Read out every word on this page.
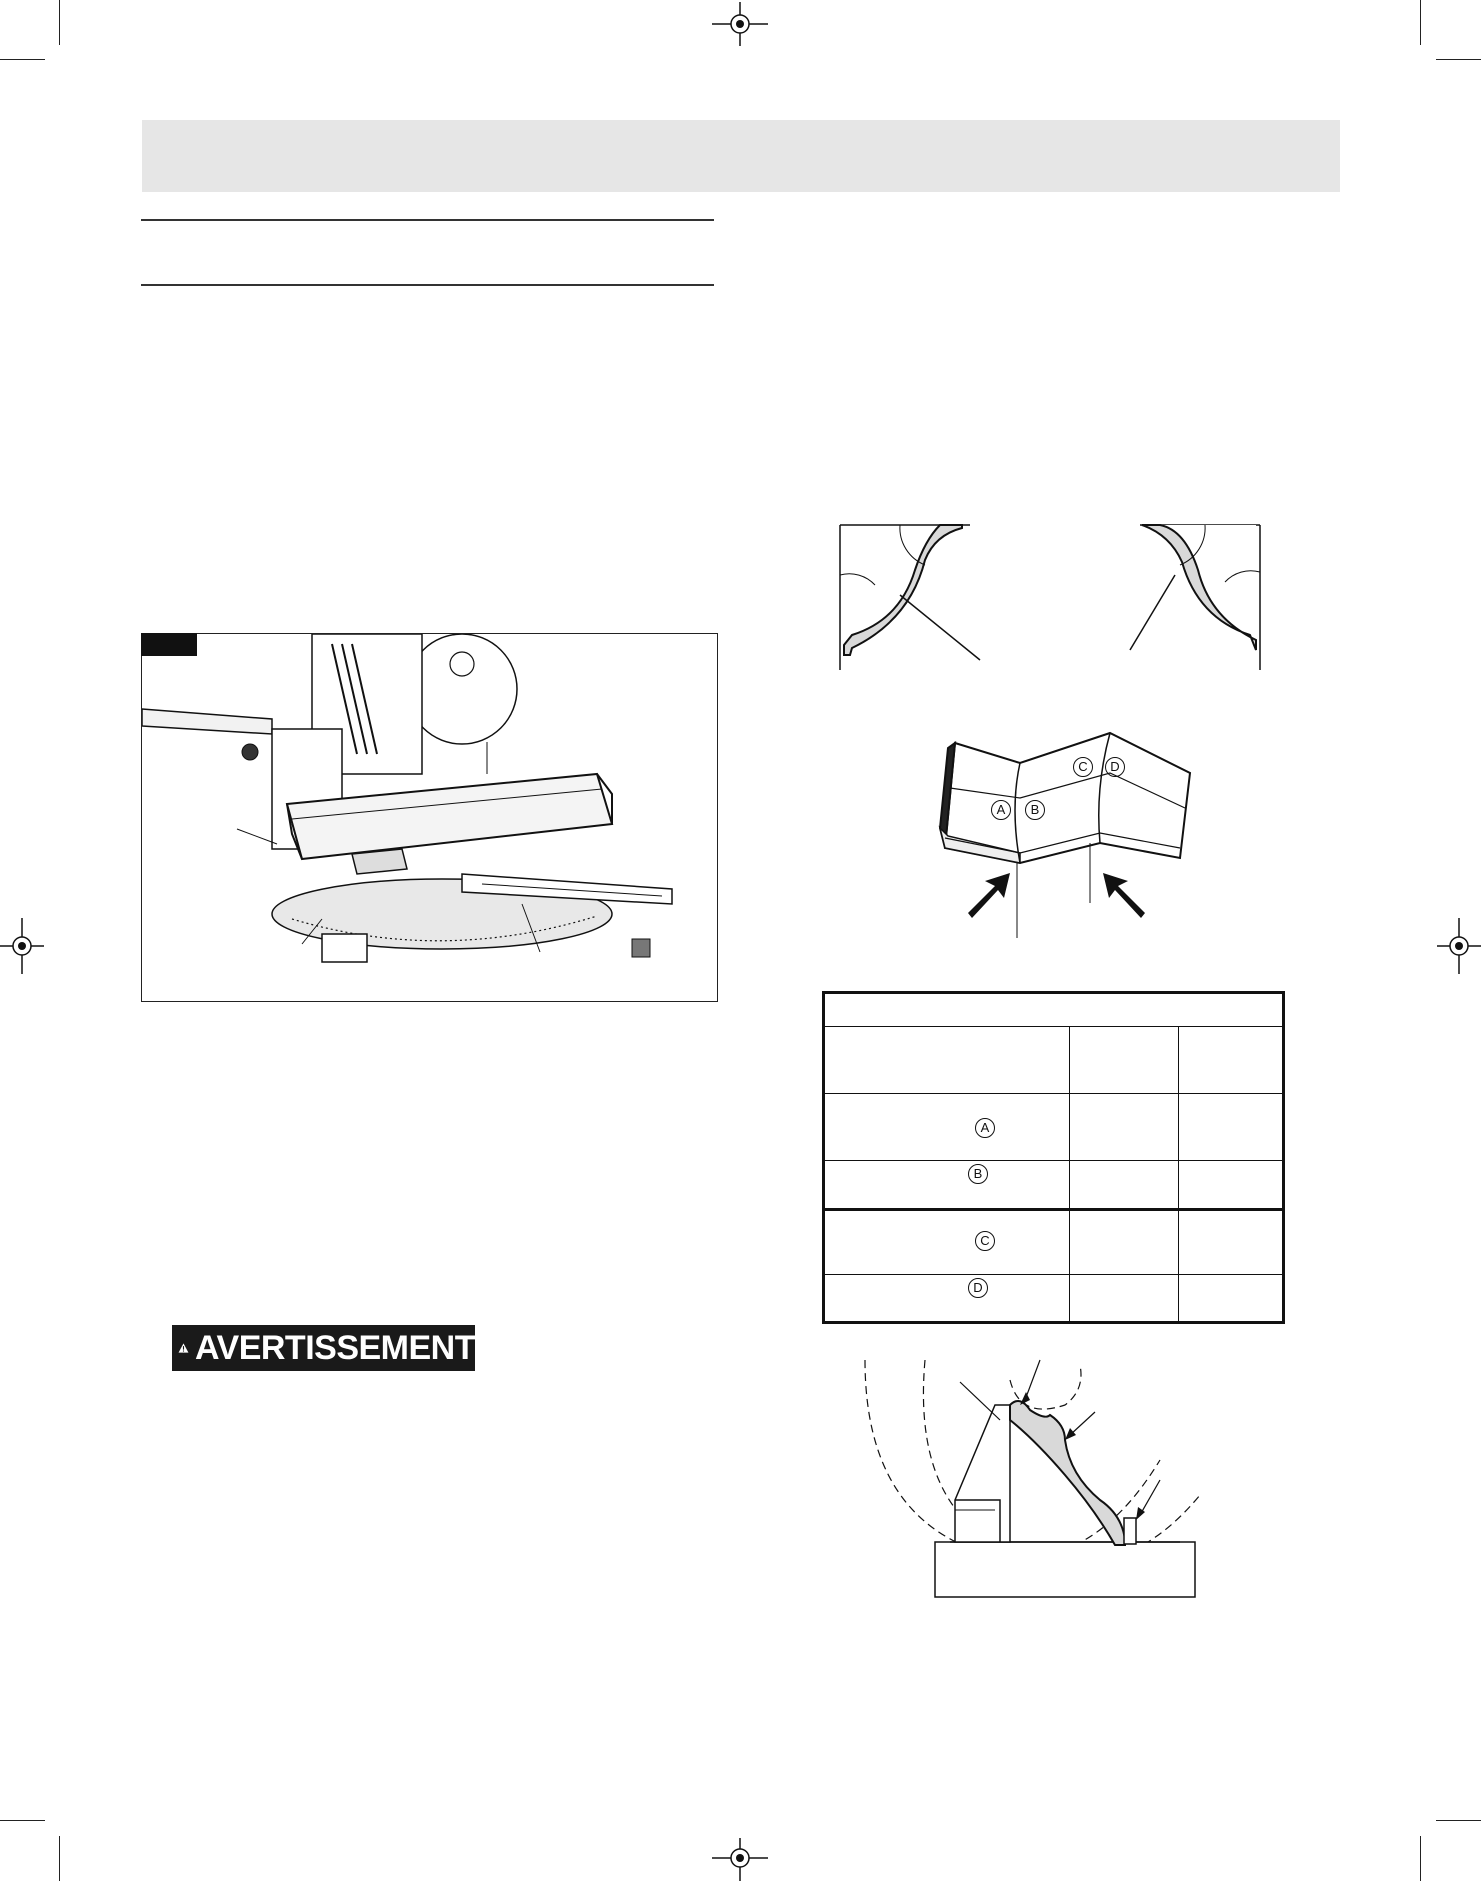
AVERTISSEMENT
A	B
C	D
A
B
C
D
